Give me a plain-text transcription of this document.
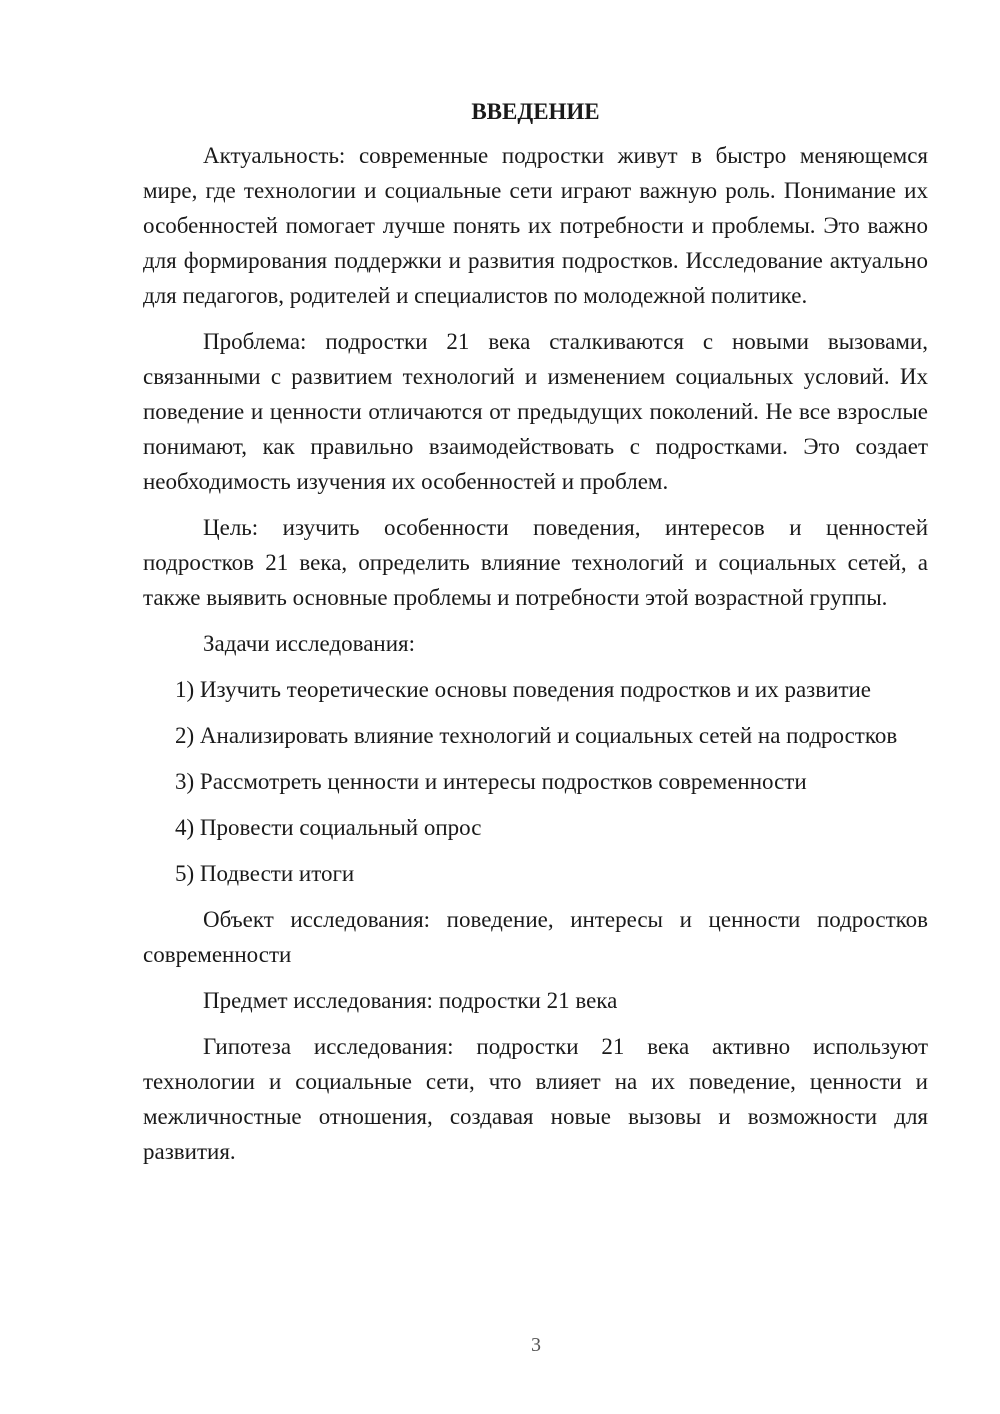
ВВЕДЕНИЕ

Актуальность: современные подростки живут в быстро меняющемся мире, где технологии и социальные сети играют важную роль. Понимание их особенностей помогает лучше понять их потребности и проблемы. Это важно для формирования поддержки и развития подростков. Исследование актуально для педагогов, родителей и специалистов по молодежной политике.

Проблема: подростки 21 века сталкиваются с новыми вызовами, связанными с развитием технологий и изменением социальных условий. Их поведение и ценности отличаются от предыдущих поколений. Не все взрослые понимают, как правильно взаимодействовать с подростками. Это создает необходимость изучения их особенностей и проблем.

Цель: изучить особенности поведения, интересов и ценностей подростков 21 века, определить влияние технологий и социальных сетей, а также выявить основные проблемы и потребности этой возрастной группы.

Задачи исследования:

1) Изучить теоретические основы поведения подростков и их развитие

2) Анализировать влияние технологий и социальных сетей на подростков

3) Рассмотреть ценности и интересы подростков современности

4) Провести социальный опрос

5) Подвести итоги

Объект исследования: поведение, интересы и ценности подростков современности

Предмет исследования: подростки 21 века

Гипотеза исследования: подростки 21 века активно используют технологии и социальные сети, что влияет на их поведение, ценности и межличностные отношения, создавая новые вызовы и возможности для развития.

3
